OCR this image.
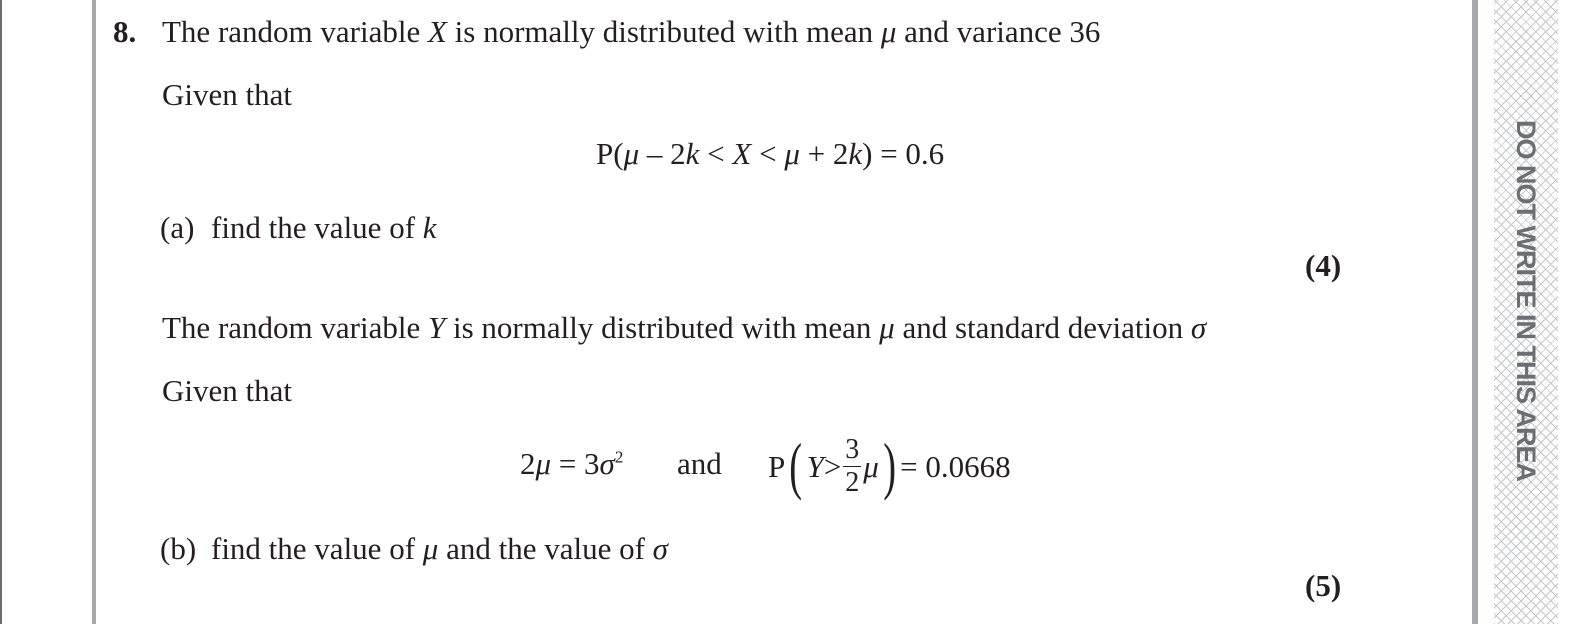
DO NOT WRITE IN THIS AREA
8. The random variable X is normally distributed with mean μ and variance 36
Given that
P(μ – 2k < X < μ + 2k) = 0.6
(a) find the value of k
(4)
The random variable Y is normally distributed with mean μ and standard deviation σ
Given that
$2\mu = 3\sigma^2$ and P ( $Y > \frac{3}{2}$ μ ) = 0.0668
(b) find the value of μ and the value of σ
(5)
